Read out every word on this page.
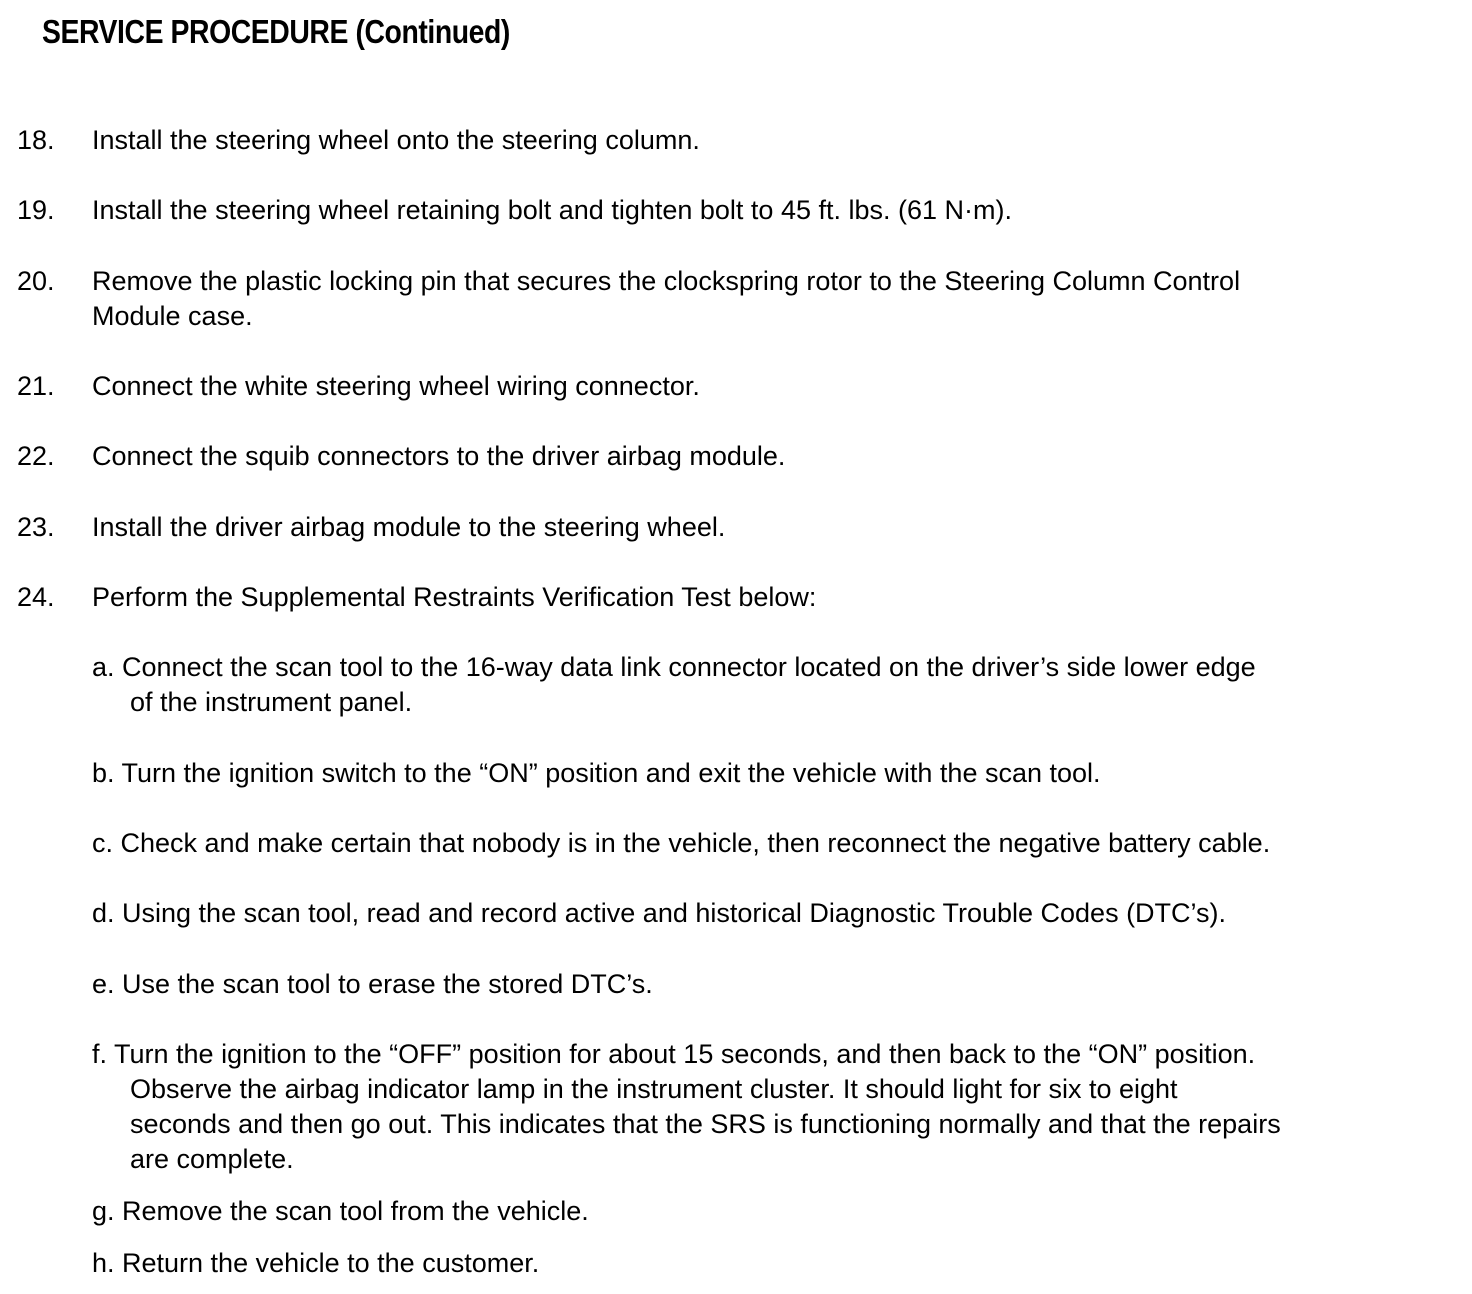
SERVICE PROCEDURE (Continued)
18. Install the steering wheel onto the steering column.
19. Install the steering wheel retaining bolt and tighten bolt to 45 ft. lbs. (61 N·m).
20. Remove the plastic locking pin that secures the clockspring rotor to the Steering Column Control
Module case.
21. Connect the white steering wheel wiring connector.
22. Connect the squib connectors to the driver airbag module.
23. Install the driver airbag module to the steering wheel.
24. Perform the Supplemental Restraints Verification Test below:
a. Connect the scan tool to the 16-way data link connector located on the driver’s side lower edge
of the instrument panel.
b. Turn the ignition switch to the “ON” position and exit the vehicle with the scan tool.
c. Check and make certain that nobody is in the vehicle, then reconnect the negative battery cable.
d. Using the scan tool, read and record active and historical Diagnostic Trouble Codes (DTC’s).
e. Use the scan tool to erase the stored DTC’s.
f. Turn the ignition to the “OFF” position for about 15 seconds, and then back to the “ON” position.
Observe the airbag indicator lamp in the instrument cluster. It should light for six to eight
seconds and then go out. This indicates that the SRS is functioning normally and that the repairs
are complete.
g. Remove the scan tool from the vehicle.
h. Return the vehicle to the customer.
